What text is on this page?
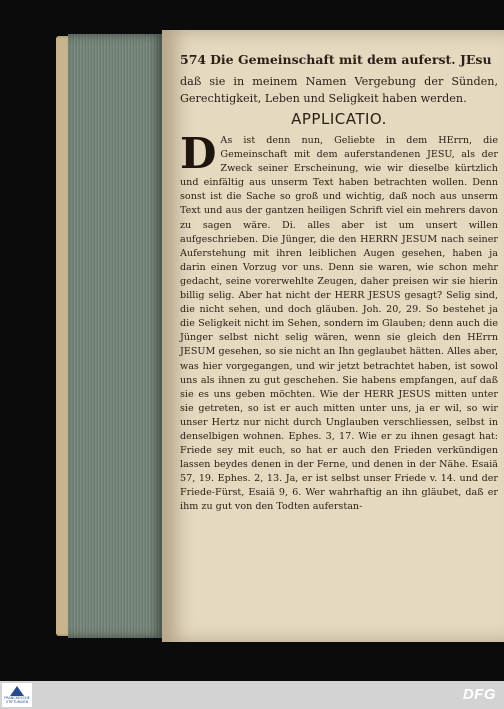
574 Die Gemeinschaft mit dem auferst. JEsu
daß sie in meinem Namen Vergebung der Sünden, Gerechtigkeit, Leben und Seligkeit haben werden.
APPLICATIO.
D As ist denn nun, Geliebte in dem HErrn, die Gemeinschaft mit dem auferstandenen JESU, als der Zweck seiner Erscheinung, wie wir dieselbe kürtzlich und einfältig aus unserm Text haben betrachten wollen. Denn sonst ist die Sache so groß und wichtig, daß noch aus unserm Text und aus der gantzen heiligen Schrift viel ein mehrers davon zu sagen wäre. Di. alles aber ist um unsert willen aufgeschrieben. Die Jünger, die den HERRN JESUM nach seiner Auferstehung mit ihren leiblichen Augen gesehen, haben ja darin einen Vorzug vor uns. Denn sie waren, wie schon mehr gedacht, seine vorerwehlte Zeugen, daher preisen wir sie hierin billig selig. Aber hat nicht der HERR JESUS gesagt? Selig sind, die nicht sehen, und doch gläuben. Joh. 20, 29. So bestehet ja die Seligkeit nicht im Sehen, sondern im Glauben; denn auch die Jünger selbst nicht selig wären, wenn sie gleich den HErrn JESUM gesehen, so sie nicht an Ihn geglaubet hätten. Alles aber, was hier vorgegangen, und wir jetzt betrachtet haben, ist sowol uns als ihnen zu gut geschehen. Sie habens empfangen, auf daß sie es uns geben möchten. Wie der HERR JESUS mitten unter sie getreten, so ist er auch mitten unter uns, ja er wil, so wir unser Hertz nur nicht durch Unglauben verschliessen, selbst in denselbigen wohnen. Ephes. 3, 17. Wie er zu ihnen gesagt hat: Friede sey mit euch, so hat er auch den Frieden verkündigen lassen beydes denen in der Ferne, und denen in der Nähe. Esaiä 57, 19. Ephes. 2, 13. Ja, er ist selbst unser Friede v. 14. und der Friede-Fürst, Esaiä 9, 6. Wer wahrhaftig an ihn gläubet, daß er ihm zu gut von den Todten auferstan-
FRANCKESCHE STIFTUNGEN	DFG
